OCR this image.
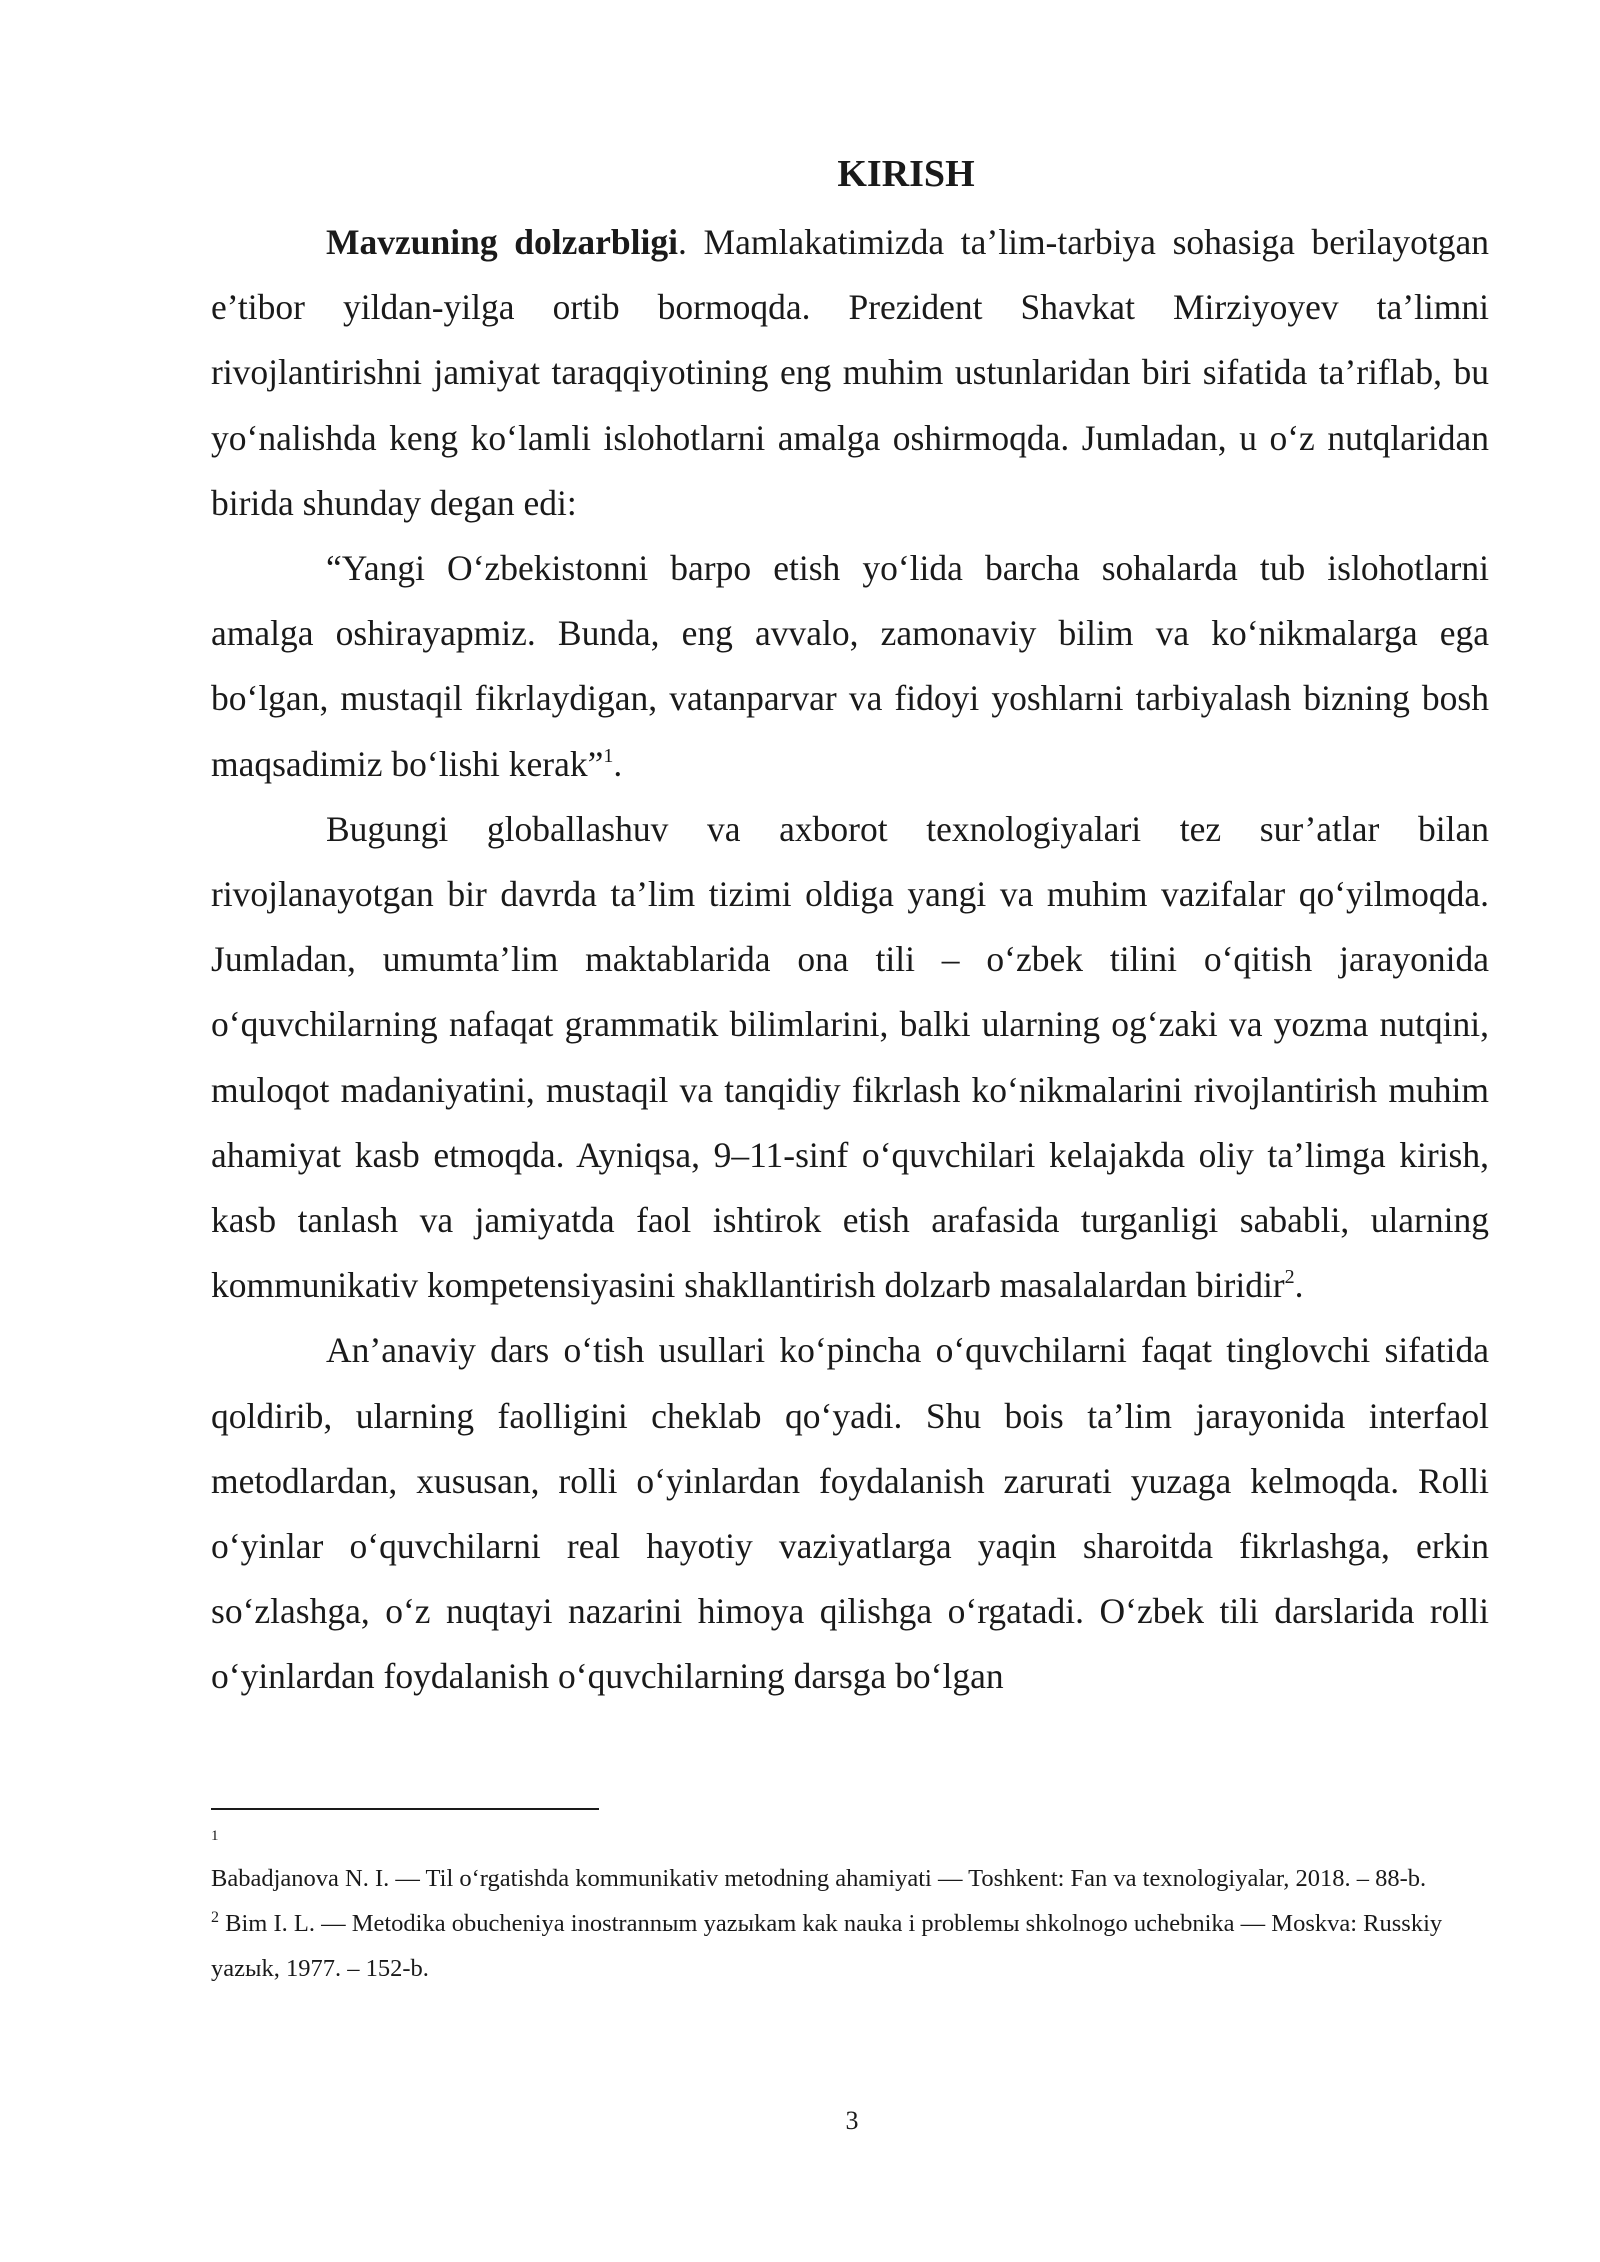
KIRISH

Mavzuning dolzarbligi. Mamlakatimizda ta’lim-tarbiya sohasiga berilayotgan e’tibor yildan-yilga ortib bormoqda. Prezident Shavkat Mirziyoyev ta’limni rivojlantirishni jamiyat taraqqiyotining eng muhim ustunlaridan biri sifatida ta’riflab, bu yo‘nalishda keng ko‘lamli islohotlarni amalga oshirmoqda. Jumladan, u o‘z nutqlaridan birida shunday degan edi:

“Yangi O‘zbekistonni barpo etish yo‘lida barcha sohalarda tub islohotlarni amalga oshirayapmiz. Bunda, eng avvalo, zamonaviy bilim va ko‘nikmalarga ega bo‘lgan, mustaqil fikrlaydigan, vatanparvar va fidoyi yoshlarni tarbiyalash bizning bosh maqsadimiz bo‘lishi kerak”$^1$.

Bugungi globallashuv va axborot texnologiyalari tez sur’atlar bilan rivojlanayotgan bir davrda ta’lim tizimi oldiga yangi va muhim vazifalar qo‘yilmoqda. Jumladan, umumta’lim maktablarida ona tili – o‘zbek tilini o‘qitish jarayonida o‘quvchilarning nafaqat grammatik bilimlarini, balki ularning og‘zaki va yozma nutqini, muloqot madaniyatini, mustaqil va tanqidiy fikrlash ko‘nikmalarini rivojlantirish muhim ahamiyat kasb etmoqda. Ayniqsa, 9–11-sinf o‘quvchilari kelajakda oliy ta’limga kirish, kasb tanlash va jamiyatda faol ishtirok etish arafasida turganligi sababli, ularning kommunikativ kompetensiyasini shakllantirish dolzarb masalalardan biridir$^2$.

An’anaviy dars o‘tish usullari ko‘pincha o‘quvchilarni faqat tinglovchi sifatida qoldirib, ularning faolligini cheklab qo‘yadi. Shu bois ta’lim jarayonida interfaol metodlardan, xususan, rolli o‘yinlardan foydalanish zarurati yuzaga kelmoqda. Rolli o‘yinlar o‘quvchilarni real hayotiy vaziyatlarga yaqin sharoitda fikrlashga, erkin so‘zlashga, o‘z nuqtayi nazarini himoya qilishga o‘rgatadi. O‘zbek tili darslarida rolli o‘yinlardan foydalanish o‘quvchilarning darsga bo‘lgan

1

Babadjanova N. I. — Til o‘rgatishda kommunikativ metodning ahamiyati — Toshkent: Fan va texnologiyalar, 2018. – 88-b.

$^2$ Bim I. L. — Metodika obucheniya inostrannыm yazыkam kak nauka i problemы shkolnogo uchebnika — Moskva: Russkiy yazыk, 1977. – 152-b.

3
